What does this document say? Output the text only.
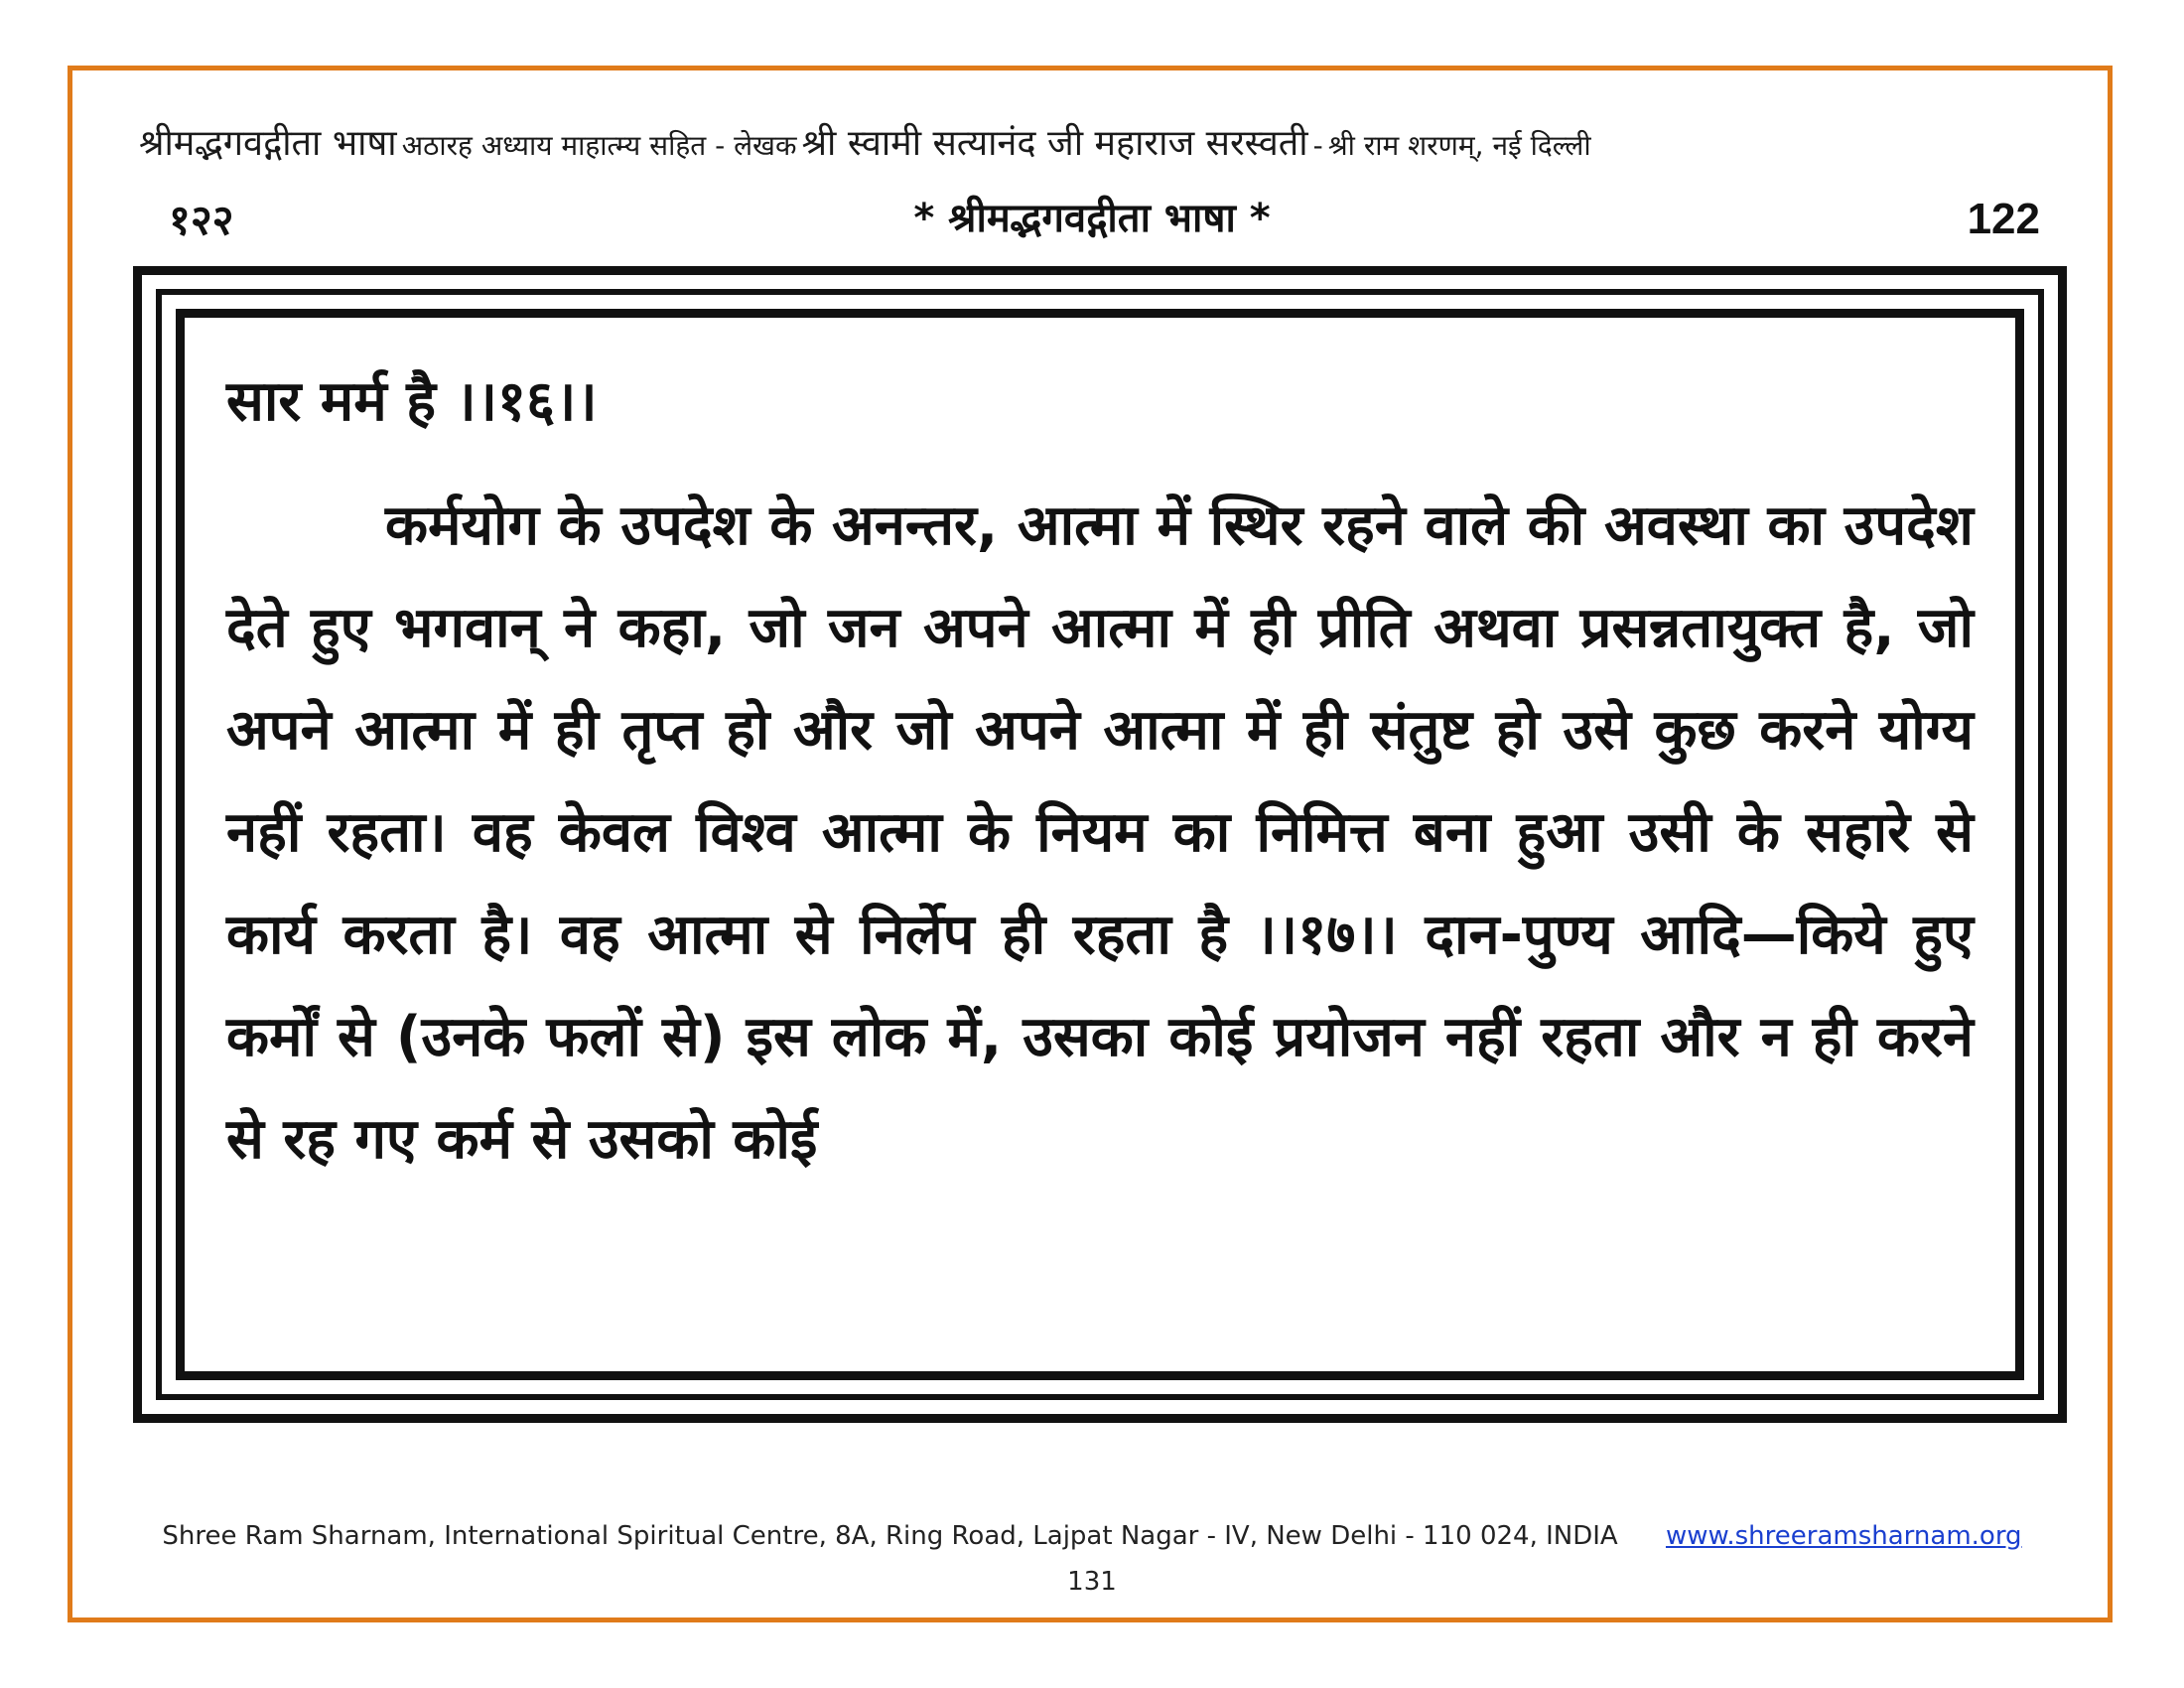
श्रीमद्भगवद्गीता भाषा अठारह अध्याय माहात्म्य सहित - लेखक श्री स्वामी सत्यानंद जी महाराज सरस्वती - श्री राम शरणम्, नई दिल्ली
१२२	* श्रीमद्भगवद्गीता भाषा *	122
सार मर्म है ।।१६।।

कर्मयोग के उपदेश के अनन्तर, आत्मा में स्थिर रहने वाले की अवस्था का उपदेश देते हुए भगवान् ने कहा, जो जन अपने आत्मा में ही प्रीति अथवा प्रसन्नतायुक्त है, जो अपने आत्मा में ही तृप्त हो और जो अपने आत्मा में ही संतुष्ट हो उसे कुछ करने योग्य नहीं रहता। वह केवल विश्व आत्मा के नियम का निमित्त बना हुआ उसी के सहारे से कार्य करता है। वह आत्मा से निर्लेप ही रहता है ।।१७।। दान-पुण्य आदि—किये हुए कर्मों से (उनके फलों से) इस लोक में, उसका कोई प्रयोजन नहीं रहता और न ही करने से रह गए कर्म से उसको कोई

Shree Ram Sharnam, International Spiritual Centre, 8A, Ring Road, Lajpat Nagar - IV, New Delhi - 110 024, INDIA www.shreeramsharnam.org
131
